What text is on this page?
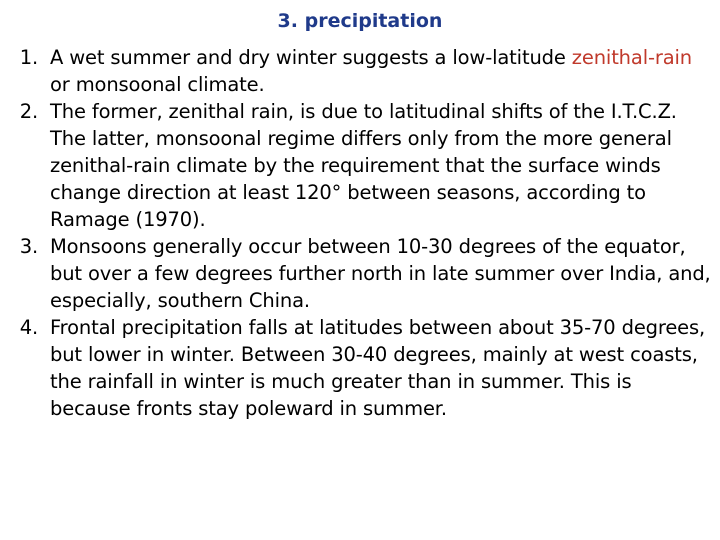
3. precipitation
1. A wet summer and dry winter suggests a low-latitude zenithal-rain or monsoonal climate.
2. The former, zenithal rain, is due to latitudinal shifts of the I.T.C.Z. The latter, monsoonal regime differs only from the more general zenithal-rain climate by the requirement that the surface winds change direction at least 120° between seasons, according to Ramage (1970).
3. Monsoons generally occur between 10-30 degrees of the equator, but over a few degrees further north in late summer over India, and, especially, southern China.
4. Frontal precipitation falls at latitudes between about 35-70 degrees, but lower in winter. Between 30-40 degrees, mainly at west coasts, the rainfall in winter is much greater than in summer. This is because fronts stay poleward in summer.
